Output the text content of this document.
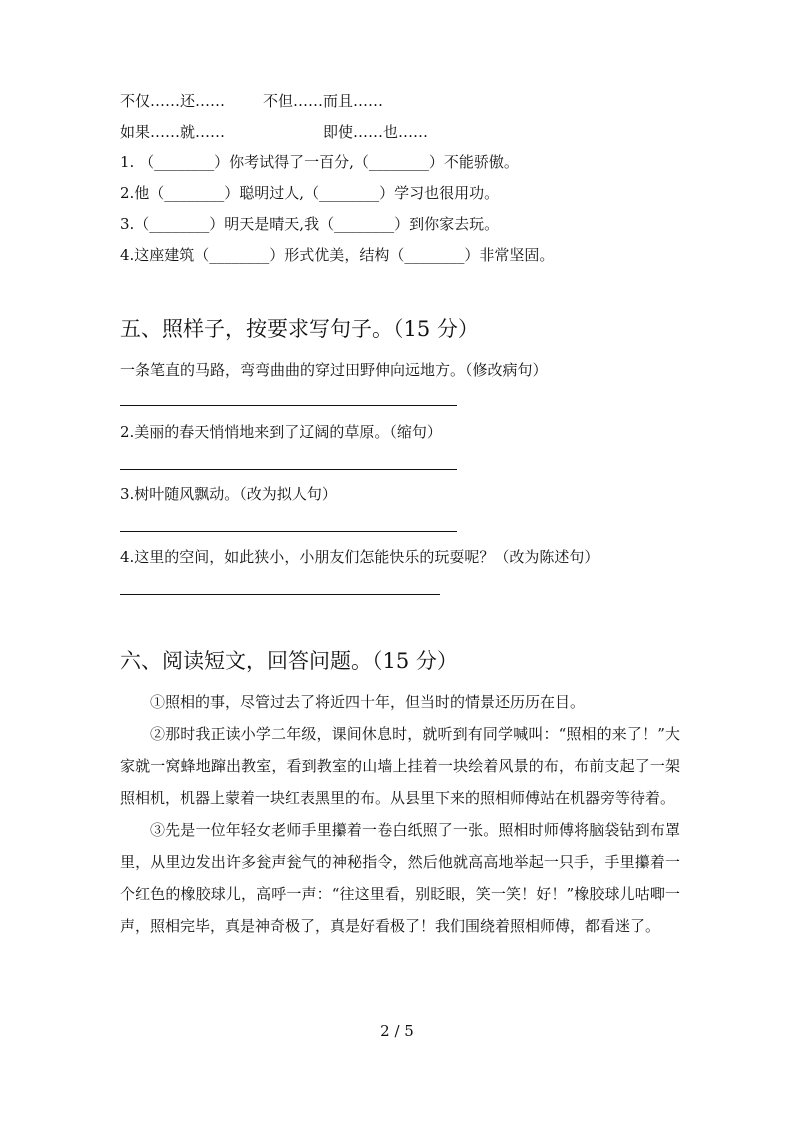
不仅……还……	不但……而且……
如果……就……	即使……也……
1. （________）你考试得了一百分,（________）不能骄傲。
2.他（________）聪明过人,（________）学习也很用功。
3.（________）明天是晴天,我（________）到你家去玩。
4.这座建筑（________）形式优美，结构（________）非常坚固。
五、照样子，按要求写句子。（15 分）
一条笔直的马路，弯弯曲曲的穿过田野伸向远地方。（修改病句）
2.美丽的春天悄悄地来到了辽阔的草原。（缩句）
3.树叶随风飘动。（改为拟人句）
4.这里的空间，如此狭小，小朋友们怎能快乐的玩耍呢？（改为陈述句）
六、阅读短文，回答问题。（15 分）

①照相的事，尽管过去了将近四十年，但当时的情景还历历在目。

②那时我正读小学二年级，课间休息时，就听到有同学喊叫：“照相的来了！”大家就一窝蜂地蹿出教室，看到教室的山墙上挂着一块绘着风景的布，布前支起了一架照相机，机器上蒙着一块红表黑里的布。从县里下来的照相师傅站在机器旁等待着。

③先是一位年轻女老师手里攥着一卷白纸照了一张。照相时师傅将脑袋钻到布罩里，从里边发出许多瓮声瓮气的神秘指令，然后他就高高地举起一只手，手里攥着一个红色的橡胶球儿，高呼一声：“往这里看，别眨眼，笑一笑！好！”橡胶球儿咕唧一声，照相完毕，真是神奇极了，真是好看极了！我们围绕着照相师傅，都看迷了。

2 / 5
